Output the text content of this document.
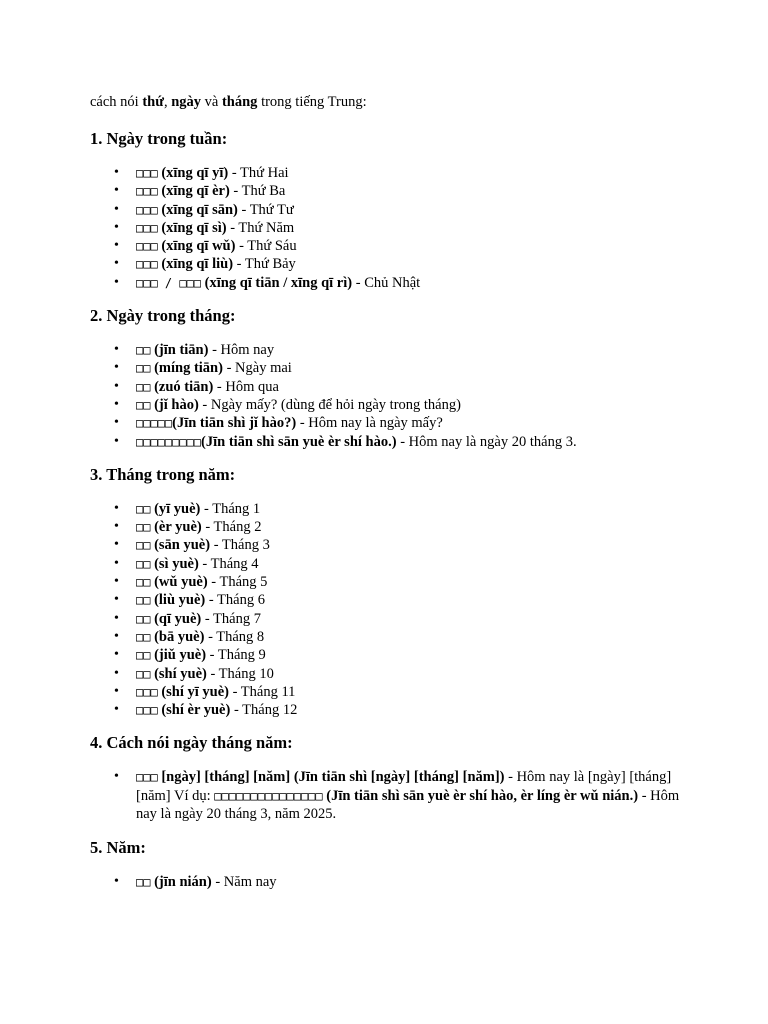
cách nói thứ, ngày và tháng trong tiếng Trung:

1. Ngày trong tuần:
• □□□ (xīng qī yī) - Thứ Hai
• □□□ (xīng qī èr) - Thứ Ba
• □□□ (xīng qī sān) - Thứ Tư
• □□□ (xīng qī sì) - Thứ Năm
• □□□ (xīng qī wǔ) - Thứ Sáu
• □□□ (xīng qī liù) - Thứ Bảy
• □□□ / □□□ (xīng qī tiān / xīng qī rì) - Chủ Nhật
2. Ngày trong tháng:
• □□ (jīn tiān) - Hôm nay
• □□ (míng tiān) - Ngày mai
• □□ (zuó tiān) - Hôm qua
• □□ (jǐ hào) - Ngày mấy? (dùng để hỏi ngày trong tháng)
• □□□□□(Jīn tiān shì jǐ hào?) - Hôm nay là ngày mấy?
• □□□□□□□□□(Jīn tiān shì sān yuè èr shí hào.) - Hôm nay là ngày 20 tháng 3.
3. Tháng trong năm:
• □□ (yī yuè) - Tháng 1
• □□ (èr yuè) - Tháng 2
• □□ (sān yuè) - Tháng 3
• □□ (sì yuè) - Tháng 4
• □□ (wǔ yuè) - Tháng 5
• □□ (liù yuè) - Tháng 6
• □□ (qī yuè) - Tháng 7
• □□ (bā yuè) - Tháng 8
• □□ (jiǔ yuè) - Tháng 9
• □□ (shí yuè) - Tháng 10
• □□□ (shí yī yuè) - Tháng 11
• □□□ (shí èr yuè) - Tháng 12
4. Cách nói ngày tháng năm:
• □□□ [ngày] [tháng] [năm] (Jīn tiān shì [ngày] [tháng] [năm]) - Hôm nay là [ngày] [tháng] [năm] Ví dụ: □□□□□□□□□□□□□□□ (Jīn tiān shì sān yuè èr shí hào, èr líng èr wǔ nián.) - Hôm nay là ngày 20 tháng 3, năm 2025.
5. Năm:
• □□ (jīn nián) - Năm nay
